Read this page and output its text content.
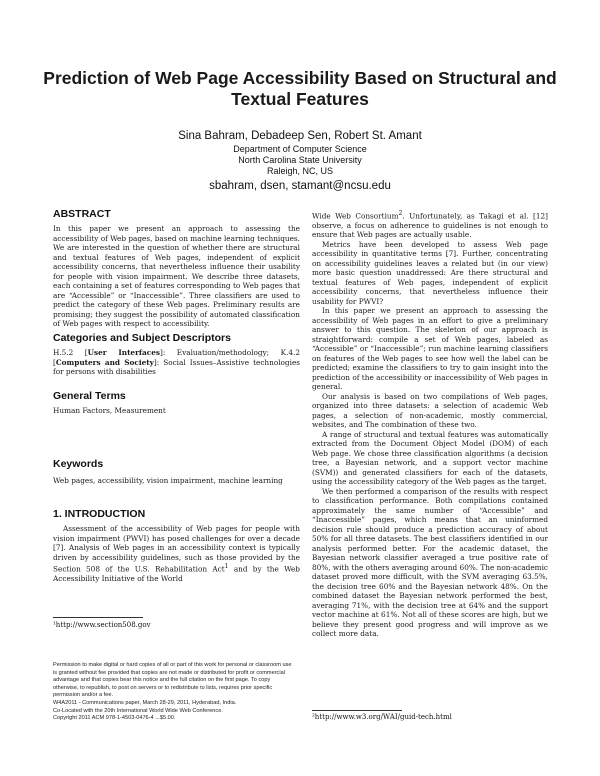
Prediction of Web Page Accessibility Based on Structural and Textual Features
Sina Bahram, Debadeep Sen, Robert St. Amant
Department of Computer Science
North Carolina State University
Raleigh, NC, US
sbahram, dsen, stamant@ncsu.edu
ABSTRACT

In this paper we present an approach to assessing the accessibility of Web pages, based on machine learning techniques. We are interested in the question of whether there are structural and textual features of Web pages, independent of explicit accessibility concerns, that nevertheless influence their usability for people with vision impairment. We describe three datasets, each containing a set of features corresponding to Web pages that are “Accessible” or “Inaccessible”. Three classifiers are used to predict the category of these Web pages. Preliminary results are promising; they suggest the possibility of automated classification of Web pages with respect to accessibility.

Categories and Subject Descriptors

H.5.2 [User Interfaces]: Evaluation/methodology; K.4.2 [Computers and Society]: Social Issues–Assistive technologies for persons with disabilities

General Terms

Human Factors, Measurement

Keywords

Web pages, accessibility, vision impairment, machine learning

1. INTRODUCTION

Assessment of the accessibility of Web pages for people with vision impairment (PWVI) has posed challenges for over a decade [7]. Analysis of Web pages in an accessibility context is typically driven by accessibility guidelines, such as those provided by the Section 508 of the U.S. Rehabilitation Act$^1$ and by the Web Accessibility Initiative of the World

¹http://www.section508.gov

Permission to make digital or hard copies of all or part of this work for personal or classroom use is granted without fee provided that copies are not made or distributed for profit or commercial advantage and that copies bear this notice and the full citation on the first page. To copy otherwise, to republish, to post on servers or to redistribute to lists, requires prior specific permission and/or a fee.

W4A2011 - Communications paper, March 28-29, 2011, Hyderabad, India.

Co-Located with the 20th International World Wide Web Conference.

Copyright 2011 ACM 978-1-4503-0476-4 ...$5.00.

Wide Web Consortium$^2$. Unfortunately, as Takagi et al. [12] observe, a focus on adherence to guidelines is not enough to ensure that Web pages are actually usable.

Metrics have been developed to assess Web page accessibility in quantitative terms [7]. Further, concentrating on accessibility guidelines leaves a related but (in our view) more basic question unaddressed: Are there structural and textual features of Web pages, independent of explicit accessibility concerns, that nevertheless influence their usability for PWVI?

In this paper we present an approach to assessing the accessibility of Web pages in an effort to give a preliminary answer to this question. The skeleton of our approach is straightforward: compile a set of Web pages, labeled as “Accessible” or “Inaccessible”; run machine learning classifiers on features of the Web pages to see how well the label can be predicted; examine the classifiers to try to gain insight into the prediction of the accessibility or inaccessibility of Web pages in general.

Our analysis is based on two compilations of Web pages, organized into three datasets: a selection of academic Web pages, a selection of non-academic, mostly commercial, websites, and The combination of these two.

A range of structural and textual features was automatically extracted from the Document Object Model (DOM) of each Web page. We chose three classification algorithms (a decision tree, a Bayesian network, and a support vector machine (SVM)) and generated classifiers for each of the datasets, using the accessibility category of the Web pages as the target.

We then performed a comparison of the results with respect to classification performance. Both compilations contained approximately the same number of “Accessible” and “Inaccessible” pages, which means that an uninformed decision rule should produce a prediction accuracy of about 50% for all three datasets. The best classifiers identified in our analysis performed better. For the academic dataset, the Bayesian network classifier averaged a true positive rate of 80%, with the others averaging around 60%. The non-academic dataset proved more difficult, with the SVM averaging 63.5%, the decision tree 60% and the Bayesian network 48%. On the combined dataset the Bayesian network performed the best, averaging 71%, with the decision tree at 64% and the support vector machine at 61%. Not all of these scores are high, but we believe they present good progress and will improve as we collect more data.

²http://www.w3.org/WAI/guid-tech.html
